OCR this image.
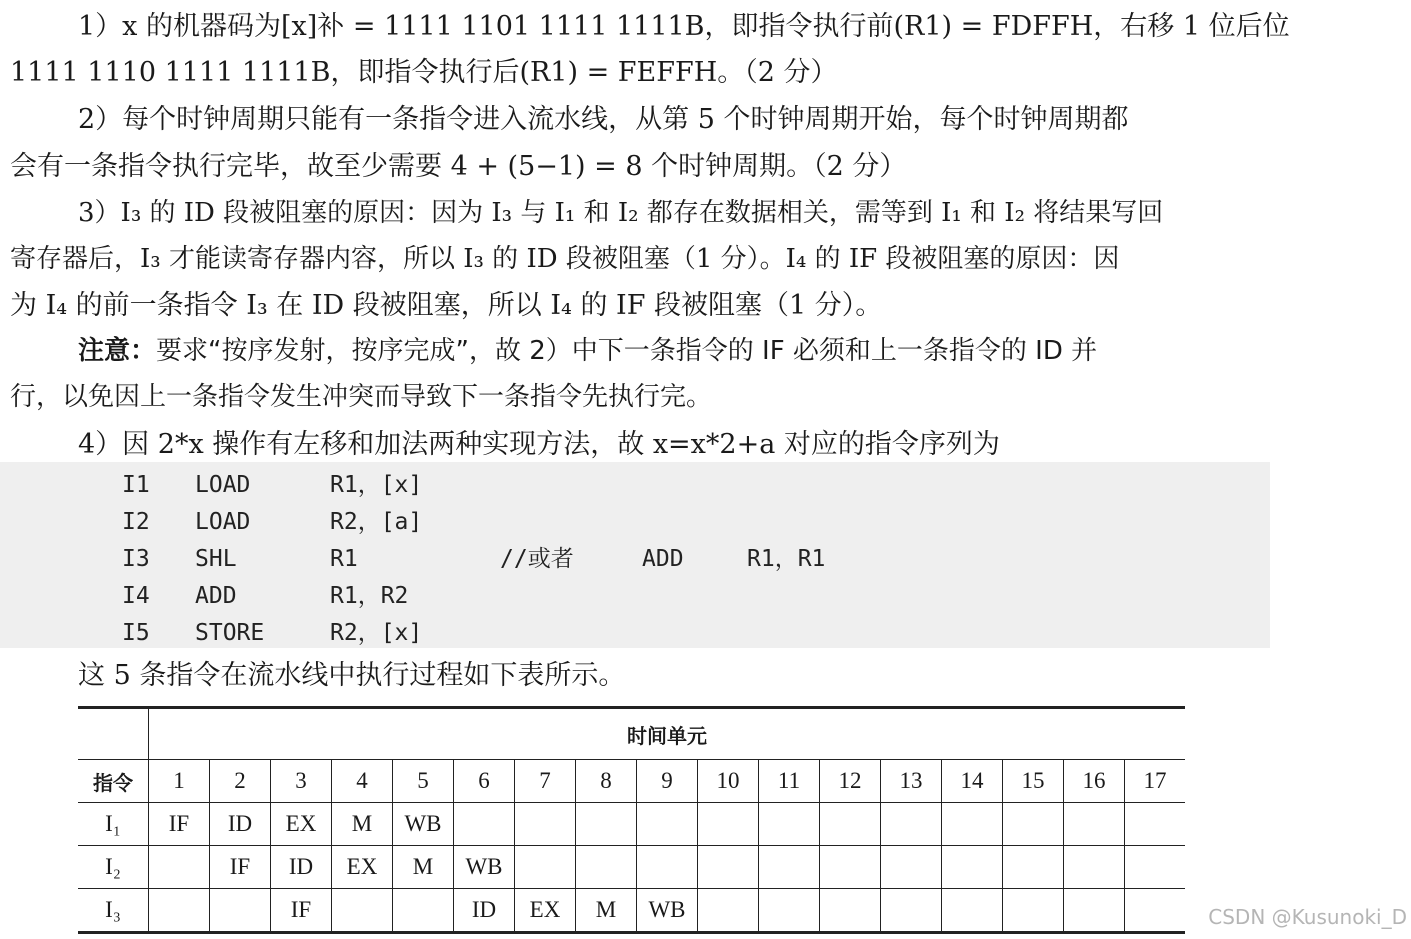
1）x 的机器码为[x]补 = 1111 1101 1111 1111B，即指令执行前(R1) = FDFFH，右移 1 位后位
1111 1110 1111 1111B，即指令执行后(R1) = FEFFH。（2 分）
2）每个时钟周期只能有一条指令进入流水线，从第 5 个时钟周期开始，每个时钟周期都
会有一条指令执行完毕，故至少需要 4 + (5−1) = 8 个时钟周期。（2 分）
3）I₃ 的 ID 段被阻塞的原因：因为 I₃ 与 I₁ 和 I₂ 都存在数据相关，需等到 I₁ 和 I₂ 将结果写回
寄存器后，I₃ 才能读寄存器内容，所以 I₃ 的 ID 段被阻塞（1 分）。I₄ 的 IF 段被阻塞的原因：因
为 I₄ 的前一条指令 I₃ 在 ID 段被阻塞，所以 I₄ 的 IF 段被阻塞（1 分）。
注意：要求“按序发射，按序完成”，故 2）中下一条指令的 IF 必须和上一条指令的 ID 并
行，以免因上一条指令发生冲突而导致下一条指令先执行完。
4）因 2*x 操作有左移和加法两种实现方法，故 x=x*2+a 对应的指令序列为
I1 LOAD	R1，[x]
I2 LOAD	R2，[a]
I3 SHL	R1	//或者	ADD	R1，R1
I4 ADD	R1，R2
I5 STORE	R2，[x]
这 5 条指令在流水线中执行过程如下表所示。
	时间单元																
指令	1	2	3	4	5	6	7	8	9	10	11	12	13	14	15	16	17
I₁	IF	ID	EX	M	WB												
I₂		IF	ID	EX	M	WB											
I₃			IF			ID	EX	M	WB									CSDN @Kusunoki_D
